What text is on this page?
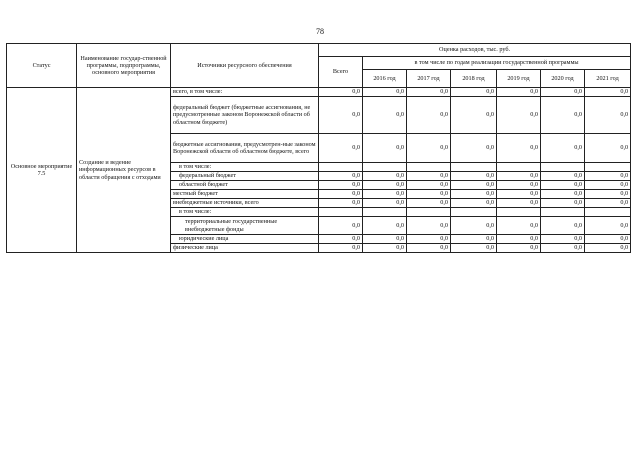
78
Статус	Наименование государ-ственной программы, подпрограммы, основного мероприятия	Источники ресурсного обеспечения	Оценка расходов, тыс. руб.						
			Всего	в том числе по годам реализации государственной программы					
				2016 год	2017 год	2018 год	2019 год	2020 год	2021 год
Основное мероприятие 7.5	Создание и ведение информационных ресурсов в области обращения с отходами	всего, в том числе:	0,0	0,0	0,0	0,0	0,0	0,0	0,0
		федеральный бюджет (бюджетные ассигнования, не предусмотренные законом Воронежской области об областном бюджете)	0,0	0,0	0,0	0,0	0,0	0,0	0,0
		бюджетные ассигнования, предусмотрен-ные законом Воронежской области об областном бюджете, всего	0,0	0,0	0,0	0,0	0,0	0,0	0,0
		в том числе:							
		федеральный бюджет	0,0	0,0	0,0	0,0	0,0	0,0	0,0
		областной бюджет	0,0	0,0	0,0	0,0	0,0	0,0	0,0
		местный бюджет	0,0	0,0	0,0	0,0	0,0	0,0	0,0
		внебюджетные источники, всего	0,0	0,0	0,0	0,0	0,0	0,0	0,0
		в том числе:							
		территориальные государственные внебюджетные фонды	0,0	0,0	0,0	0,0	0,0	0,0	0,0
		юридические лица	0,0	0,0	0,0	0,0	0,0	0,0	0,0
		физические лица	0,0	0,0	0,0	0,0	0,0	0,0	0,0
